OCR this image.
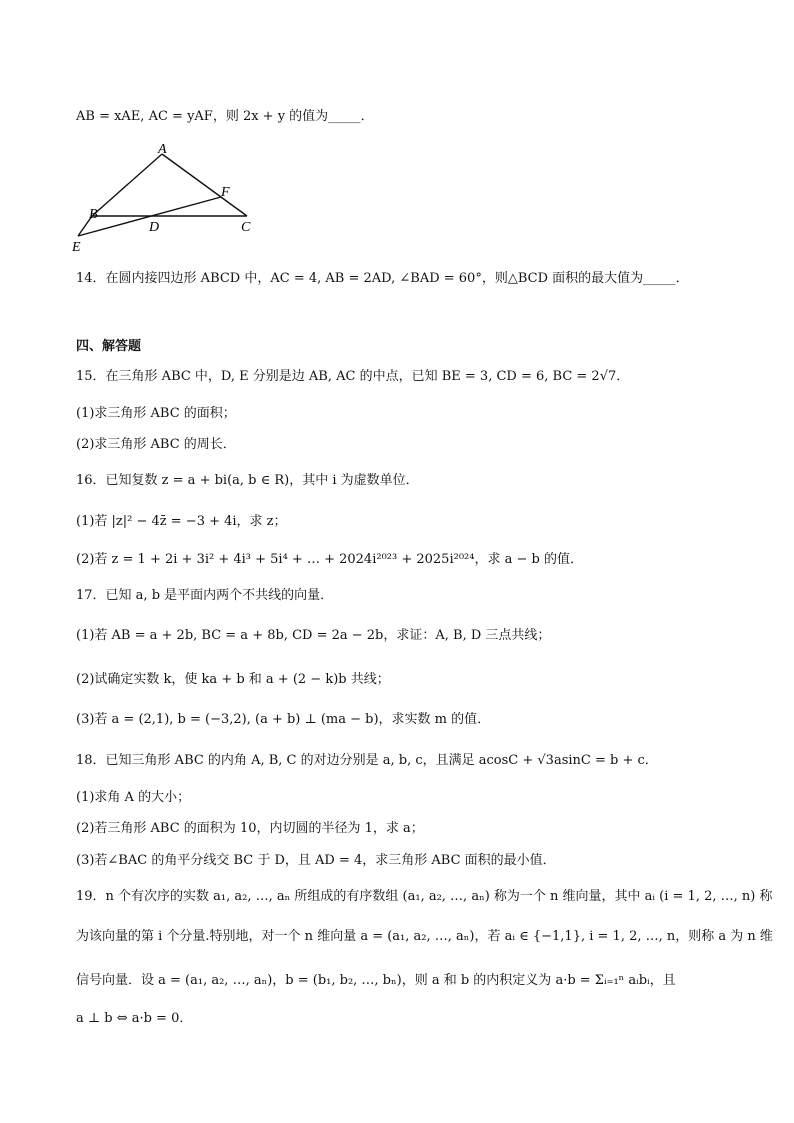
AB = xAE, AC = yAF，则 2x + y 的值为_____．
A
B
C
D
E
F
14．在圆内接四边形 ABCD 中，AC = 4, AB = 2AD, ∠BAD = 60°，则△BCD 面积的最大值为_____．
四、解答题
15．在三角形 ABC 中，D, E 分别是边 AB, AC 的中点，已知 BE = 3, CD = 6, BC = 2√7．
(1)求三角形 ABC 的面积；
(2)求三角形 ABC 的周长．
16．已知复数 z = a + bi(a, b ∈ R)，其中 i 为虚数单位．
(1)若 |z|² − 4z̄ = −3 + 4i，求 z；
(2)若 z = 1 + 2i + 3i² + 4i³ + 5i⁴ + … + 2024i²⁰²³ + 2025i²⁰²⁴，求 a − b 的值．
17．已知 a, b 是平面内两个不共线的向量．
(1)若 AB = a + 2b, BC = a + 8b, CD = 2a − 2b，求证：A, B, D 三点共线；
(2)试确定实数 k，使 ka + b 和 a + (2 − k)b 共线；
(3)若 a = (2,1), b = (−3,2), (a + b) ⊥ (ma − b)，求实数 m 的值．
18．已知三角形 ABC 的内角 A, B, C 的对边分别是 a, b, c，且满足 acosC + √3asinC = b + c．
(1)求角 A 的大小；
(2)若三角形 ABC 的面积为 10，内切圆的半径为 1，求 a；
(3)若∠BAC 的角平分线交 BC 于 D，且 AD = 4，求三角形 ABC 面积的最小值．
19．n 个有次序的实数 a₁, a₂, …, aₙ 所组成的有序数组 (a₁, a₂, …, aₙ) 称为一个 n 维向量，其中 aᵢ (i = 1, 2, …, n) 称
为该向量的第 i 个分量.特别地，对一个 n 维向量 a = (a₁, a₂, …, aₙ)，若 aᵢ ∈ {−1,1}, i = 1, 2, …, n，则称 a 为 n 维
信号向量．设 a = (a₁, a₂, …, aₙ)，b = (b₁, b₂, …, bₙ)，则 a 和 b 的内积定义为 a·b = Σᵢ₌₁ⁿ aᵢbᵢ，且
a ⊥ b ⇔ a·b = 0．
